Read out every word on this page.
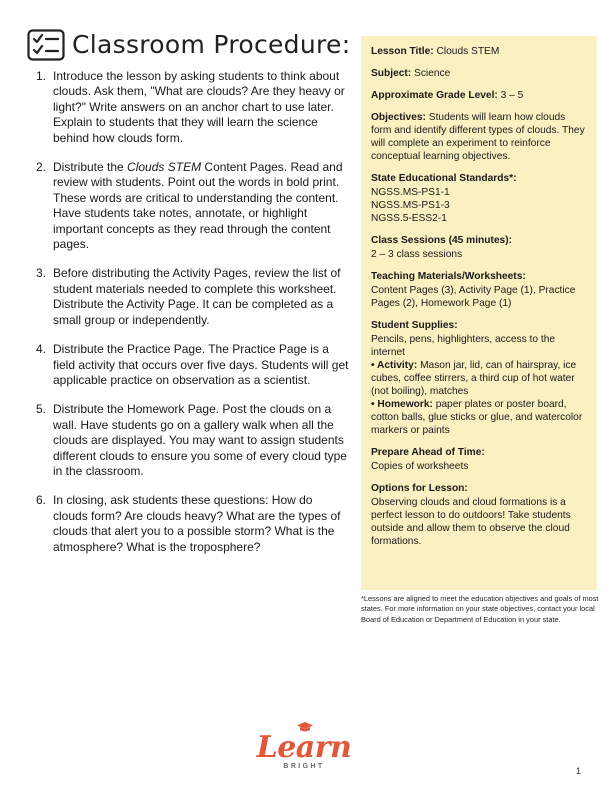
Classroom Procedure:
1. Introduce the lesson by asking students to think about clouds. Ask them, "What are clouds? Are they heavy or light?" Write answers on an anchor chart to use later. Explain to students that they will learn the science behind how clouds form.
2. Distribute the Clouds STEM Content Pages. Read and review with students. Point out the words in bold print. These words are critical to understanding the content. Have students take notes, annotate, or highlight important concepts as they read through the content pages.
3. Before distributing the Activity Pages, review the list of student materials needed to complete this worksheet. Distribute the Activity Page. It can be completed as a small group or independently.
4. Distribute the Practice Page. The Practice Page is a field activity that occurs over five days. Students will get applicable practice on observation as a scientist.
5. Distribute the Homework Page. Post the clouds on a wall. Have students go on a gallery walk when all the clouds are displayed. You may want to assign students different clouds to ensure you some of every cloud type in the classroom.
6. In closing, ask students these questions: How do clouds form? Are clouds heavy? What are the types of clouds that alert you to a possible storm? What is the atmosphere? What is the troposphere?
Lesson Title: Clouds STEM
Subject: Science
Approximate Grade Level: 3 – 5
Objectives: Students will learn how clouds form and identify different types of clouds. They will complete an experiment to reinforce conceptual learning objectives.
State Educational Standards*:
NGSS.MS-PS1-1
NGSS.MS-PS1-3
NGSS.5-ESS2-1
Class Sessions (45 minutes):
2 – 3 class sessions
Teaching Materials/Worksheets:
Content Pages (3), Activity Page (1), Practice Pages (2), Homework Page (1)
Student Supplies:
Pencils, pens, highlighters, access to the internet
• Activity: Mason jar, lid, can of hairspray, ice cubes, coffee stirrers, a third cup of hot water (not boiling), matches
• Homework: paper plates or poster board, cotton balls, glue sticks or glue, and watercolor markers or paints
Prepare Ahead of Time:
Copies of worksheets
Options for Lesson:
Observing clouds and cloud formations is a perfect lesson to do outdoors! Take students outside and allow them to observe the cloud formations.
*Lessons are aligned to meet the education objectives and goals of most states. For more information on your state objectives, contact your local Board of Education or Department of Education in your state.
Learn
BRIGHT	1
